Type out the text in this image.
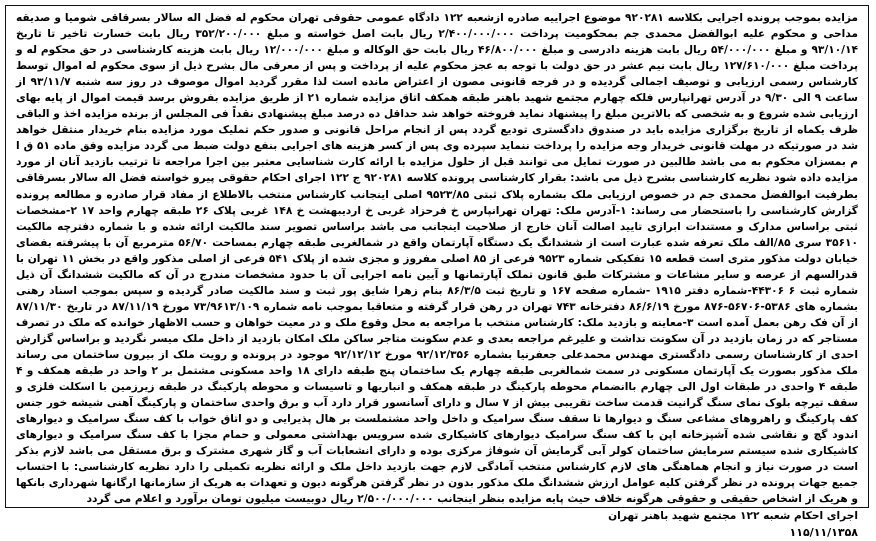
مزایده بموجب پرونده اجرایی بکلاسه ۹۲۰۲۸۱ موضوع اجراییه صادره ازشعبه ۱۲۲ دادگاه عمومی حقوقی تهران محکوم له فضل اله سالار بسرقاقی شومیا و صدیقه مداحی و محکوم علیه ابوالفضل محمدی جم بمحکومیت پرداخت ۲/۴۰۰/۰۰۰/۰۰۰ ریال بابت اصل خواسته و مبلغ ۳۵۲/۲۰۰/۰۰۰ ریال بابت خسارت تاخیر تا تاریخ ۹۳/۱۰/۱۴ و مبلغ ۵۴/۰۰۰/۰۰۰ ریال بابت هزینه دادرسی و مبلغ ۴۶/۸۰۰/۰۰۰ ریال بابت حق الوکاله و مبلغ ۱۲/۰۰۰/۰۰۰ ریال بابت هزینه کارشناسی در حق محکوم له و پرداخت مبلغ ۱۲۷/۶۱۰/۰۰۰ ریال بابت نیم عشر در حق دولت با توجه به عجز محکوم علیه از پرداخت و پس از معرفی مال بشرح ذیل از سوی محکوم له اموال توسط کارشناس رسمی ارزیابی و توصیف اجمالی گردیده و در فرجه قانونی مصون از اعتراض مانده است لذا مقرر گردید اموال موصوف در روز سه شنبه ۹۳/۱۱/۷ از ساعت ۹ الی ۹/۳۰ در آدرس تهرانپارس فلکه چهارم مجتمع شهید باهنر طبقه همکف اتاق مزایده شماره ۲۱ از طریق مزایده بفروش برسد قیمت اموال از پایه بهای ارزیابی شده شروع و به شخصی که بالاترین مبلغ را پیشنهاد نماید فروخته خواهد شد حداقل ده درصد مبلغ پیشنهادی نقداً فی المجلس از برنده مزایده اخذ و الباقی ظرف یکماه از تاریخ برگزاری مزایده باید در صندوق دادگستری تودیع گردد پس از انجام مراحل قانونی و صدور حکم تملیک مورد مزایده بنام خریدار منتقل خواهد شد در صورتیکه در مهلت قانونی خریدار وجه مزایده را پرداخت ننماید سپرده وی پس از کسر هزینه های اجرایی بنفع دولت ضبط می گردد مزایده وفق ماده ۵۱ ق ا م بمسزان محکوم به می باشد طالبین در صورت تمایل می توانند قبل از حلول مزایده با ارائه کارت شناسایی معتبر بین اجرا مراجعه تا ترتیب بازدید آنان از مورد مزایده داده شود نظریه کارشناسی بشرح ذیل می باشد: بقرار کارشناسی پرونده کلاسه ۹۲۰۲۸۱ ج ۱۲۲ اجرای احکام حقوقی پیرو خواسته فضل اله سالار بسرقاقی بطرفیت ابوالفضل محمدی جم در خصوص ارزیابی ملک بشماره پلاک ثبتی ۹۵۲۳/۸۵ اصلی اینجانب کارشناس منتخب بالاطلاع از مفاد قرار صادره و مطالعه پرونده گزارش کارشناسی را باستحضار می رساند: ۱-آدرس ملک: تهران تهرانپارس خ فرحزاد غربی خ اردیبهشت خ ۱۴۸ غربی پلاک ۲۶ طبقه چهارم واحد ۱۷ ۲-مشخصات ثبتی براساس مدارک و مستندات ابرازی تایید اصالت آنان خارج از صلاحیت اینجانب می باشد براساس تصویر سند مالکیت ارائه شده و با شماره دفترچه مالکیت ۳۵۶۱۰ سری ۸۵/الف ملک تعرفه شده عبارت است از ششدانگ یک دستگاه آپارتمان واقع در شمالغربی طبقه چهارم بمساحت ۵۶/۷۰ مترمربع آن با پیشرفته بفضای خیابان دولت مذکور متری است قطعه ۱۵ تفکیکی شماره ۹۵۲۳ فرعی از ۸۵ اصلی مفروز و مجزی شده از پلاک ۵۴۱ فرعی از اصلی مذکور واقع در بخش ۱۱ تهران با قدرالسهم از عرصه و سایر مشاعات و مشترکات طبق قانون تملک آپارتمانها و آیین نامه اجرایی آن با حدود مشخصات مندرج در آن که مالکیت ششدانگ آن ذیل شماره ثبت ۶ ۴۴۳۰۶-شماره دفتر ۱۹۱۵ -شماره صفحه ۱۶۷ و تاریخ ثبت ۸۶/۳/۵ بنام زهرا شایق پور ثبت و سند مالکیت صادر گردیده و سپس بموجب اسناد رهنی بشماره های ۵۳۸۶-۵۶۷۰۶-۸۷۶ مورخ ۸۶/۶/۱۹ دفترخانه ۷۴۳ تهران در رهن قرار گرفته و متعاقبا بموجب نامه شماره ۷۳/۹۶۱۳/۱۰۹ مورخ ۸۷/۱۱/۱۹ در تاریخ ۸۷/۱۱/۳۰ از آن فک رهن بعمل آمده است ۳-معاینه و بازدید ملک: کارشناس منتخب با مراجعه به محل وقوع ملک و در معیت خواهان و حسب الاظهار خوانده که ملک در تصرف مستاجر که در زمان بازدید در آن سکونت نداشت و علیرغم مراجعه بعدی و عدم سکونت متاجر ساکن ملک امکان بازدید از داخل ملک میسر نگردید و براساس گزارش احدی از کارشناسان رسمی دادگستری مهندس محمدعلی جعفرنیا بشماره ۹۲/۱۲/۳۵۶ مورخ ۹۲/۱۲/۱۲ موجود در پرونده و رویت ملک از بیرون ساختمان می رساند ملک مذکور بصورت یک آپارتمان مسکونی در سمت شمالغربی طبقه چهارم یک ساختمان پنج طبقه دارای ۱۸ واحد مسکونی مشتمل بر ۲ واحد در طبقه همکف و ۴ طبقه ۴ واحدی در طبقات اول الی چهارم باانضمام محوطه پارکینگ در طبقه همکف و انباریها و تاسیسات و محوطه پارکینگ در طبقه زیرزمین با اسکلت فلزی و سقف تیرچه بلوک نمای سنگ گرانیت قدمت ساخت تقریبی بیش از ۷ سال و دارای آسانسور قرار دارد آب و برق واحدی ساختمان و پارکینگ آهنی شیشه خور جنس کف پارکینگ و راهروهای مشاعی سنگ و دیوارها تا سقف سنگ سرامیک و داخل واحد مشتملست بر هال پذیرایی و دو اتاق خواب با کف سنگ سرامیک و دیوارهای اندود گچ و نقاشی شده آشپزخانه اپن با کف سنگ سرامیک دیوارهای کاشیکاری شده سرویس بهداشتی معمولی و حمام مجزا با کف سنگ سرامیک و دیوارهای کاشیکاری شده سیستم سرمایش ساختمان کولر آبی گرمایش آن شوفاژ مرکزی بوده و دارای انشعابات آب و گاز شهری مشترک و برق مستقل می باشد لازم بذکر است در صورت نیاز و انجام هماهنگی های لازم کارشناس منتخب آمادگی لازم جهت بازدید داخل ملک و ارائه نظریه تکمیلی را دارد نظریه کارشناسی: با احتساب جمیع جهات پرونده در نظر گرفتن کلیه عوامل ارزش ششدانگ ملک مذکور بدون در نظر گرفتن هرگونه دیون و تعهدات به هریک از سازمانها ارگانها شهرداری بانکها و هریک از اشخاص حقیقی و حقوقی هرگونه خلاف حیث پایه مزایده بنظر اینجانب ۲/۵۰۰/۰۰۰/۰۰۰ ریال دوبیست میلیون تومان برآورد و اعلام می گردد

اجرای احکام شعبه ۱۲۲ مجتمع شهید باهنر تهران
۱۱۵/۱۱/۱۳۵۸
